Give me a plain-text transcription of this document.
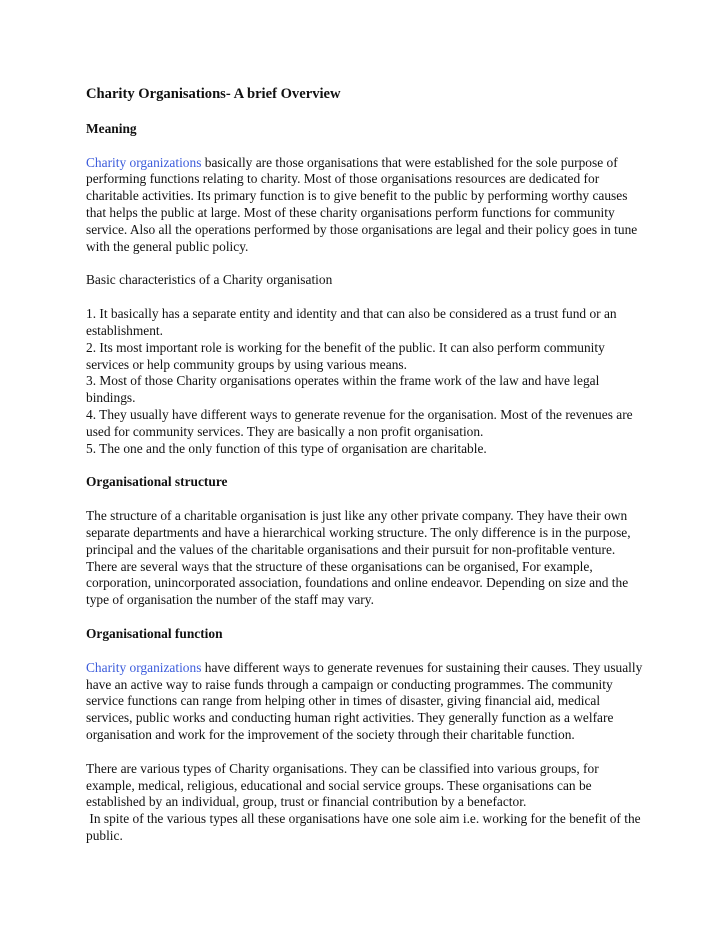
Charity Organisations- A brief Overview
Meaning
Charity organizations basically are those organisations that were established for the sole purpose of performing functions relating to charity. Most of those organisations resources are dedicated for charitable activities. Its primary function is to give benefit to the public by performing worthy causes that helps the public at large. Most of these charity organisations perform functions for community service. Also all the operations performed by those organisations are legal and their policy goes in tune with the general public policy.
Basic characteristics of a Charity organisation
1. It basically has a separate entity and identity and that can also be considered as a trust fund or an establishment.
2. Its most important role is working for the benefit of the public. It can also perform community services or help community groups by using various means.
3. Most of those Charity organisations operates within the frame work of the law and have legal bindings.
4. They usually have different ways to generate revenue for the organisation. Most of the revenues are used for community services. They are basically a non profit organisation.
5. The one and the only function of this type of organisation are charitable.
Organisational structure
The structure of a charitable organisation is just like any other private company. They have their own separate departments and have a hierarchical working structure. The only difference is in the purpose, principal and the values of the charitable organisations and their pursuit for non-profitable venture. There are several ways that the structure of these organisations can be organised, For example, corporation, unincorporated association, foundations and online endeavor. Depending on size and the type of organisation the number of the staff may vary.
Organisational function
Charity organizations have different ways to generate revenues for sustaining their causes. They usually have an active way to raise funds through a campaign or conducting programmes. The community service functions can range from helping other in times of disaster, giving financial aid, medical services, public works and conducting human right activities. They generally function as a welfare organisation and work for the improvement of the society through their charitable function.
There are various types of Charity organisations. They can be classified into various groups, for example, medical, religious, educational and social service groups. These organisations can be established by an individual, group, trust or financial contribution by a benefactor.
In spite of the various types all these organisations have one sole aim i.e. working for the benefit of the public.
